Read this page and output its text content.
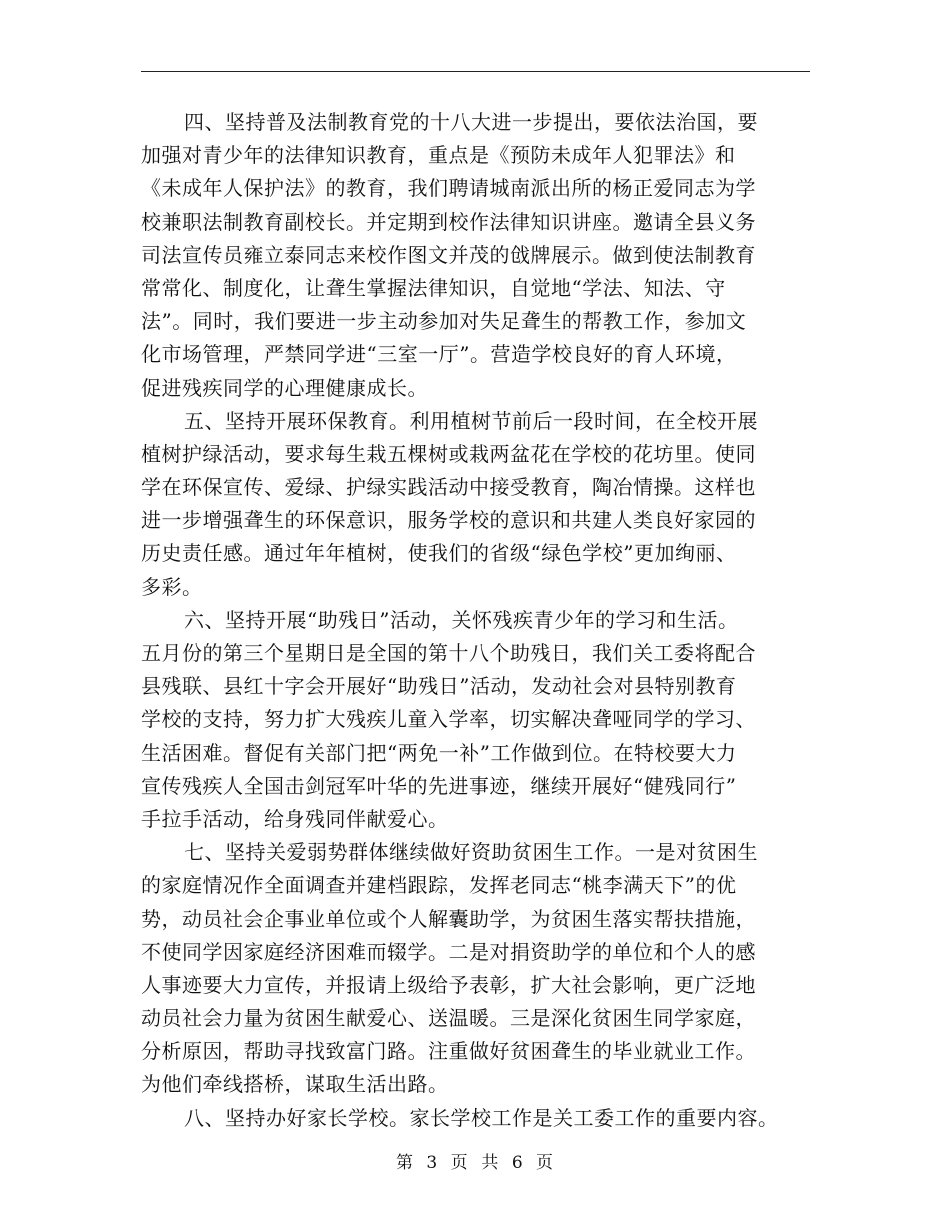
四、坚持普及法制教育党的十八大进一步提出，要依法治国，要
加强对青少年的法律知识教育，重点是《预防未成年人犯罪法》和
《未成年人保护法》的教育，我们聘请城南派出所的杨正爱同志为学
校兼职法制教育副校长。并定期到校作法律知识讲座。邀请全县义务
司法宣传员雍立泰同志来校作图文并茂的戗牌展示。做到使法制教育
常常化、制度化，让聋生掌握法律知识，自觉地“学法、知法、守
法”。同时，我们要进一步主动参加对失足聋生的帮教工作，参加文
化市场管理，严禁同学进“三室一厅”。营造学校良好的育人环境，
促进残疾同学的心理健康成长。
五、坚持开展环保教育。利用植树节前后一段时间，在全校开展
植树护绿活动，要求每生栽五棵树或栽两盆花在学校的花坊里。使同
学在环保宣传、爱绿、护绿实践活动中接受教育，陶冶情操。这样也
进一步增强聋生的环保意识，服务学校的意识和共建人类良好家园的
历史责任感。通过年年植树，使我们的省级“绿色学校”更加绚丽、
多彩。
六、坚持开展“助残日”活动，关怀残疾青少年的学习和生活。
五月份的第三个星期日是全国的第十八个助残日，我们关工委将配合
县残联、县红十字会开展好“助残日”活动，发动社会对县特别教育
学校的支持，努力扩大残疾儿童入学率，切实解决聋哑同学的学习、
生活困难。督促有关部门把“两免一补”工作做到位。在特校要大力
宣传残疾人全国击剑冠军叶华的先进事迹，继续开展好“健残同行”
手拉手活动，给身残同伴献爱心。
七、坚持关爱弱势群体继续做好资助贫困生工作。一是对贫困生
的家庭情况作全面调查并建档跟踪，发挥老同志“桃李满天下”的优
势，动员社会企事业单位或个人解囊助学，为贫困生落实帮扶措施，
不使同学因家庭经济困难而辍学。二是对捐资助学的单位和个人的感
人事迹要大力宣传，并报请上级给予表彰，扩大社会影响，更广泛地
动员社会力量为贫困生献爱心、送温暖。三是深化贫困生同学家庭，
分析原因，帮助寻找致富门路。注重做好贫困聋生的毕业就业工作。
为他们牵线搭桥，谋取生活出路。
八、坚持办好家长学校。家长学校工作是关工委工作的重要内容。
第 3 页  共 6 页
